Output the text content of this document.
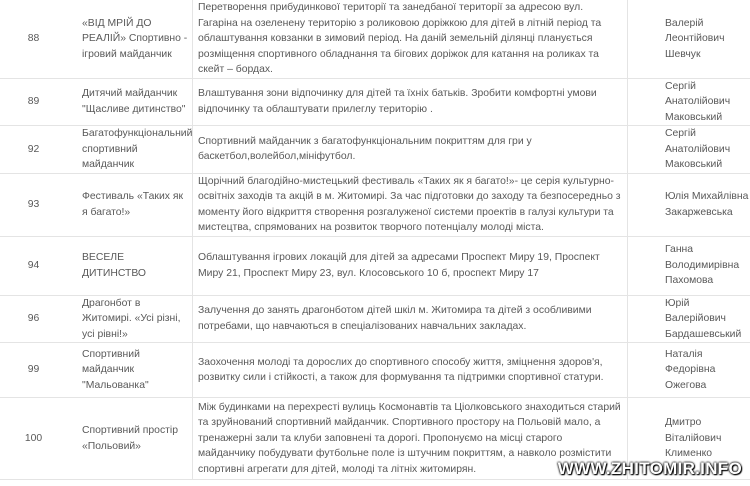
88	«ВІД МРІЙ ДО РЕАЛІЙ» Спортивно - ігровий майданчик	Перетворення прибудинкової території та занедбаної території за адресою вул. Гагаріна на озеленену територію з роликовою доріжкою для дітей в літній період та облаштування ковзанки в зимовий період. На даній земельній ділянці планується розміщення спортивного обладнання та бігових доріжок для катання на роликах та скейт – бордах.	Валерій Леонтійович Шевчук
89	Дитячий майданчик "Щасливе дитинство"	Влаштування зони відпочинку для дітей та їхніх батьків. Зробити комфортні умови відпочинку та облаштувати прилеглу територію .	Сергій Анатолійович Маковський
92	Багатофункціональний спортивний майданчик	Спортивний майданчик з багатофункціональним покриттям для гри у баскетбол,волейбол,мініфутбол.	Сергій Анатолійович Маковський
93	Фестиваль «Таких як я багато!»	Щорічний благодійно-мистецький фестиваль «Таких як я багато!»- це серія культурно-освітніх заходів та акцій в м. Житомирі. За час підготовки до заходу та безпосередньо з моменту його відкриття створення розгалуженої системи проектів в галузі культури та мистецтва, спрямованих на розвиток творчого потенціалу молоді міста.	Юлія Михайлівна Закаржевська
94	ВЕСЕЛЕ ДИТИНСТВО	Облаштування ігрових локацій для дітей за адресами Проспект Миру 19, Проспект Миру 21, Проспект Миру 23, вул. Клосовського 10 б, проспект Миру 17	Ганна Володимирівна Пахомова
96	Драгонбот в Житомирі. «Усі різні, усі рівні!»	Залучення до занять драгонботом дітей шкіл м. Житомира та дітей з особливими потребами, що навчаються в спеціалізованих навчальних закладах.	Юрій Валерійович Бардашевський
99	Спортивний майданчик "Мальованка"	Заохочення молоді та дорослих до спортивного способу життя, зміцнення здоров'я, розвитку сили і стійкості, а також для формування та підтримки спортивної статури.	Наталія Федорівна Ожегова
100	Спортивний простір «Польовий»	Між будинками на перехресті вулиць Космонавтів та Ціолковського знаходиться старий та зруйнований спортивний майданчик. Спортивного простору на Польовій мало, а тренажерні зали та клуби заповнені та дорогі. Пропонуємо на місці старого майданчику побудувати футбольне поле із штучним покриттям, а навколо розмістити спортивні агрегати для дітей, молоді та літніх житомирян.	Дмитро Віталійович Клименко
WWW.ZHITOMIR.INFO
